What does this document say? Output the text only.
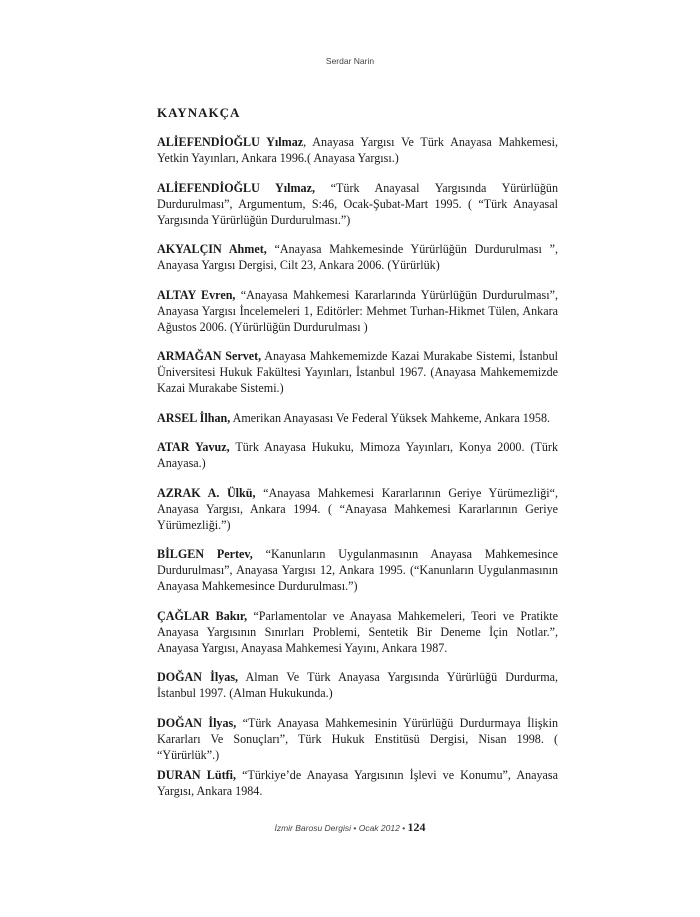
Serdar Narin
KAYNAKÇA

ALİEFENDİOĞLU Yılmaz, Anayasa Yargısı Ve Türk Anayasa Mahkemesi, Yetkin Yayınları, Ankara 1996.( Anayasa Yargısı.)

ALİEFENDİOĞLU Yılmaz, “Türk Anayasal Yargısında Yürürlüğün Durdurulması”, Argumentum, S:46, Ocak-Şubat-Mart 1995. ( “Türk Anayasal Yargısında Yürürlüğün Durdurulması.”)

AKYALÇIN Ahmet, “Anayasa Mahkemesinde Yürürlüğün Durdurulması ”, Anayasa Yargısı Dergisi, Cilt 23, Ankara 2006. (Yürürlük)

ALTAY Evren, “Anayasa Mahkemesi Kararlarında Yürürlüğün Durdurulması”, Anayasa Yargısı İncelemeleri 1, Editörler: Mehmet Turhan-Hikmet Tülen, Ankara Ağustos 2006. (Yürürlüğün Durdurulması )

ARMAĞAN Servet, Anayasa Mahkememizde Kazai Murakabe Sistemi, İstanbul Üniversitesi Hukuk Fakültesi Yayınları, İstanbul 1967. (Anayasa Mahkememizde Kazai Murakabe Sistemi.)

ARSEL İlhan, Amerikan Anayasası Ve Federal Yüksek Mahkeme, Ankara 1958.

ATAR Yavuz, Türk Anayasa Hukuku, Mimoza Yayınları, Konya 2000. (Türk Anayasa.)

AZRAK A. Ülkü, “Anayasa Mahkemesi Kararlarının Geriye Yürümezliği“, Anayasa Yargısı, Ankara 1994. ( “Anayasa Mahkemesi Kararlarının Geriye Yürümezliği.”)

BİLGEN Pertev, “Kanunların Uygulanmasının Anayasa Mahkemesince Durdurulması”, Anayasa Yargısı 12, Ankara 1995. (“Kanunların Uygulanmasının Anayasa Mahkemesince Durdurulması.”)

ÇAĞLAR Bakır, “Parlamentolar ve Anayasa Mahkemeleri, Teori ve Pratikte Anayasa Yargısının Sınırları Problemi, Sentetik Bir Deneme İçin Notlar.”, Anayasa Yargısı, Anayasa Mahkemesi Yayını, Ankara 1987.

DOĞAN İlyas, Alman Ve Türk Anayasa Yargısında Yürürlüğü Durdurma, İstanbul 1997. (Alman Hukukunda.)

DOĞAN İlyas, “Türk Anayasa Mahkemesinin Yürürlüğü Durdurmaya İlişkin Kararları Ve Sonuçları”, Türk Hukuk Enstitüsü Dergisi, Nisan 1998. ( “Yürürlük”.)

DURAN Lütfi, “Türkiye’de Anayasa Yargısının İşlevi ve Konumu”, Anayasa Yargısı, Ankara 1984.

İzmir Barosu Dergisi • Ocak 2012 • 124
